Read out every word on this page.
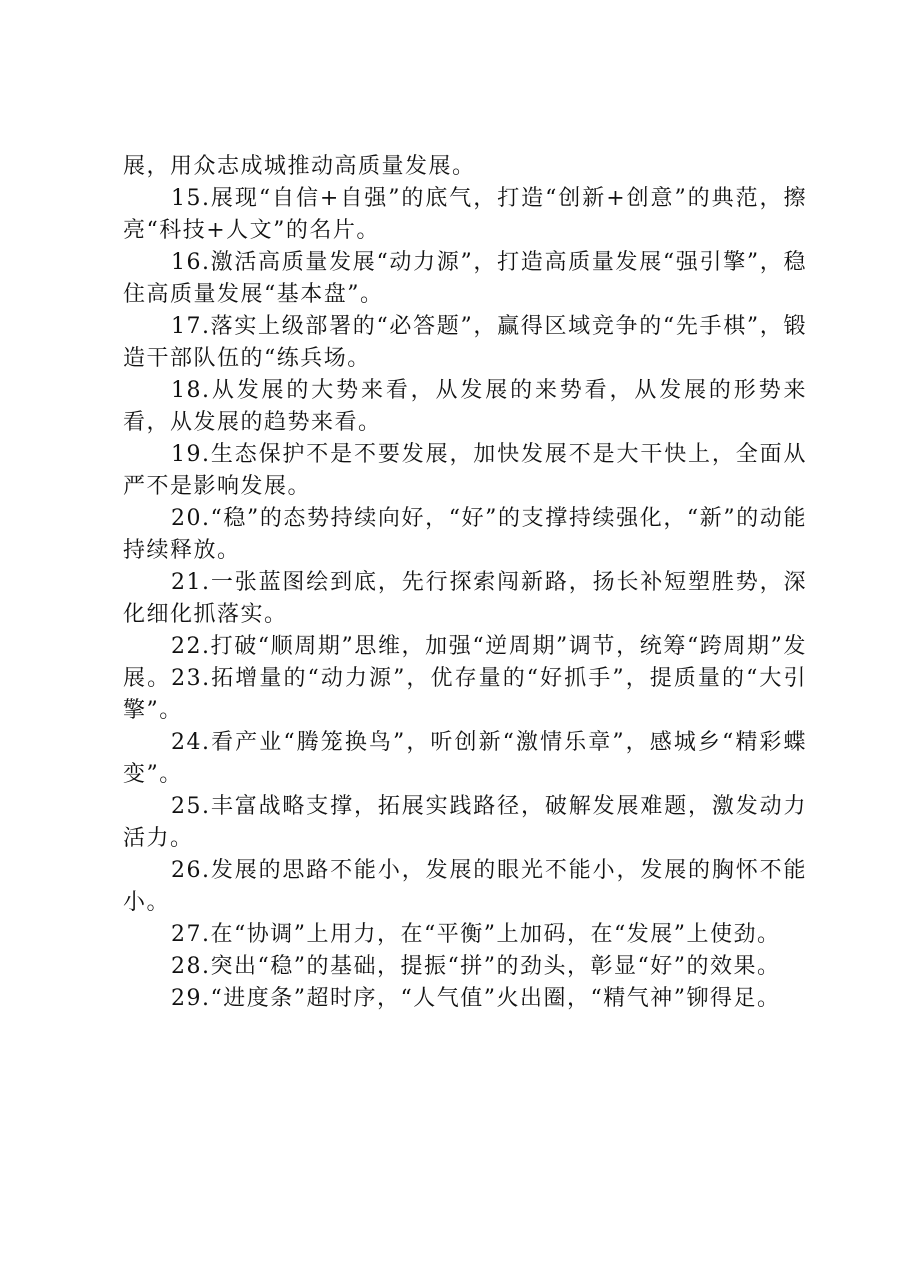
展，用众志成城推动高质量发展。

15.展现“自信+自强”的底气，打造“创新+创意”的典范，擦亮“科技+人文”的名片。

16.激活高质量发展“动力源”，打造高质量发展“强引擎”，稳住高质量发展“基本盘”。

17.落实上级部署的“必答题”，赢得区域竞争的“先手棋”，锻造干部队伍的“练兵场。

18.从发展的大势来看，从发展的来势看，从发展的形势来看，从发展的趋势来看。

19.生态保护不是不要发展，加快发展不是大干快上，全面从严不是影响发展。

20.“稳”的态势持续向好，“好”的支撑持续强化，“新”的动能持续释放。

21.一张蓝图绘到底，先行探索闯新路，扬长补短塑胜势，深化细化抓落实。

22.打破“顺周期”思维，加强“逆周期”调节，统筹“跨周期”发展。23.拓增量的“动力源”，优存量的“好抓手”，提质量的“大引擎”。

24.看产业“腾笼换鸟”，听创新“激情乐章”，感城乡“精彩蝶变”。

25.丰富战略支撑，拓展实践路径，破解发展难题，激发动力活力。

26.发展的思路不能小，发展的眼光不能小，发展的胸怀不能小。

27.在“协调”上用力，在“平衡”上加码，在“发展”上使劲。

28.突出“稳”的基础，提振“拼”的劲头，彰显“好”的效果。

29.“进度条”超时序，“人气值”火出圈，“精气神”铆得足。
